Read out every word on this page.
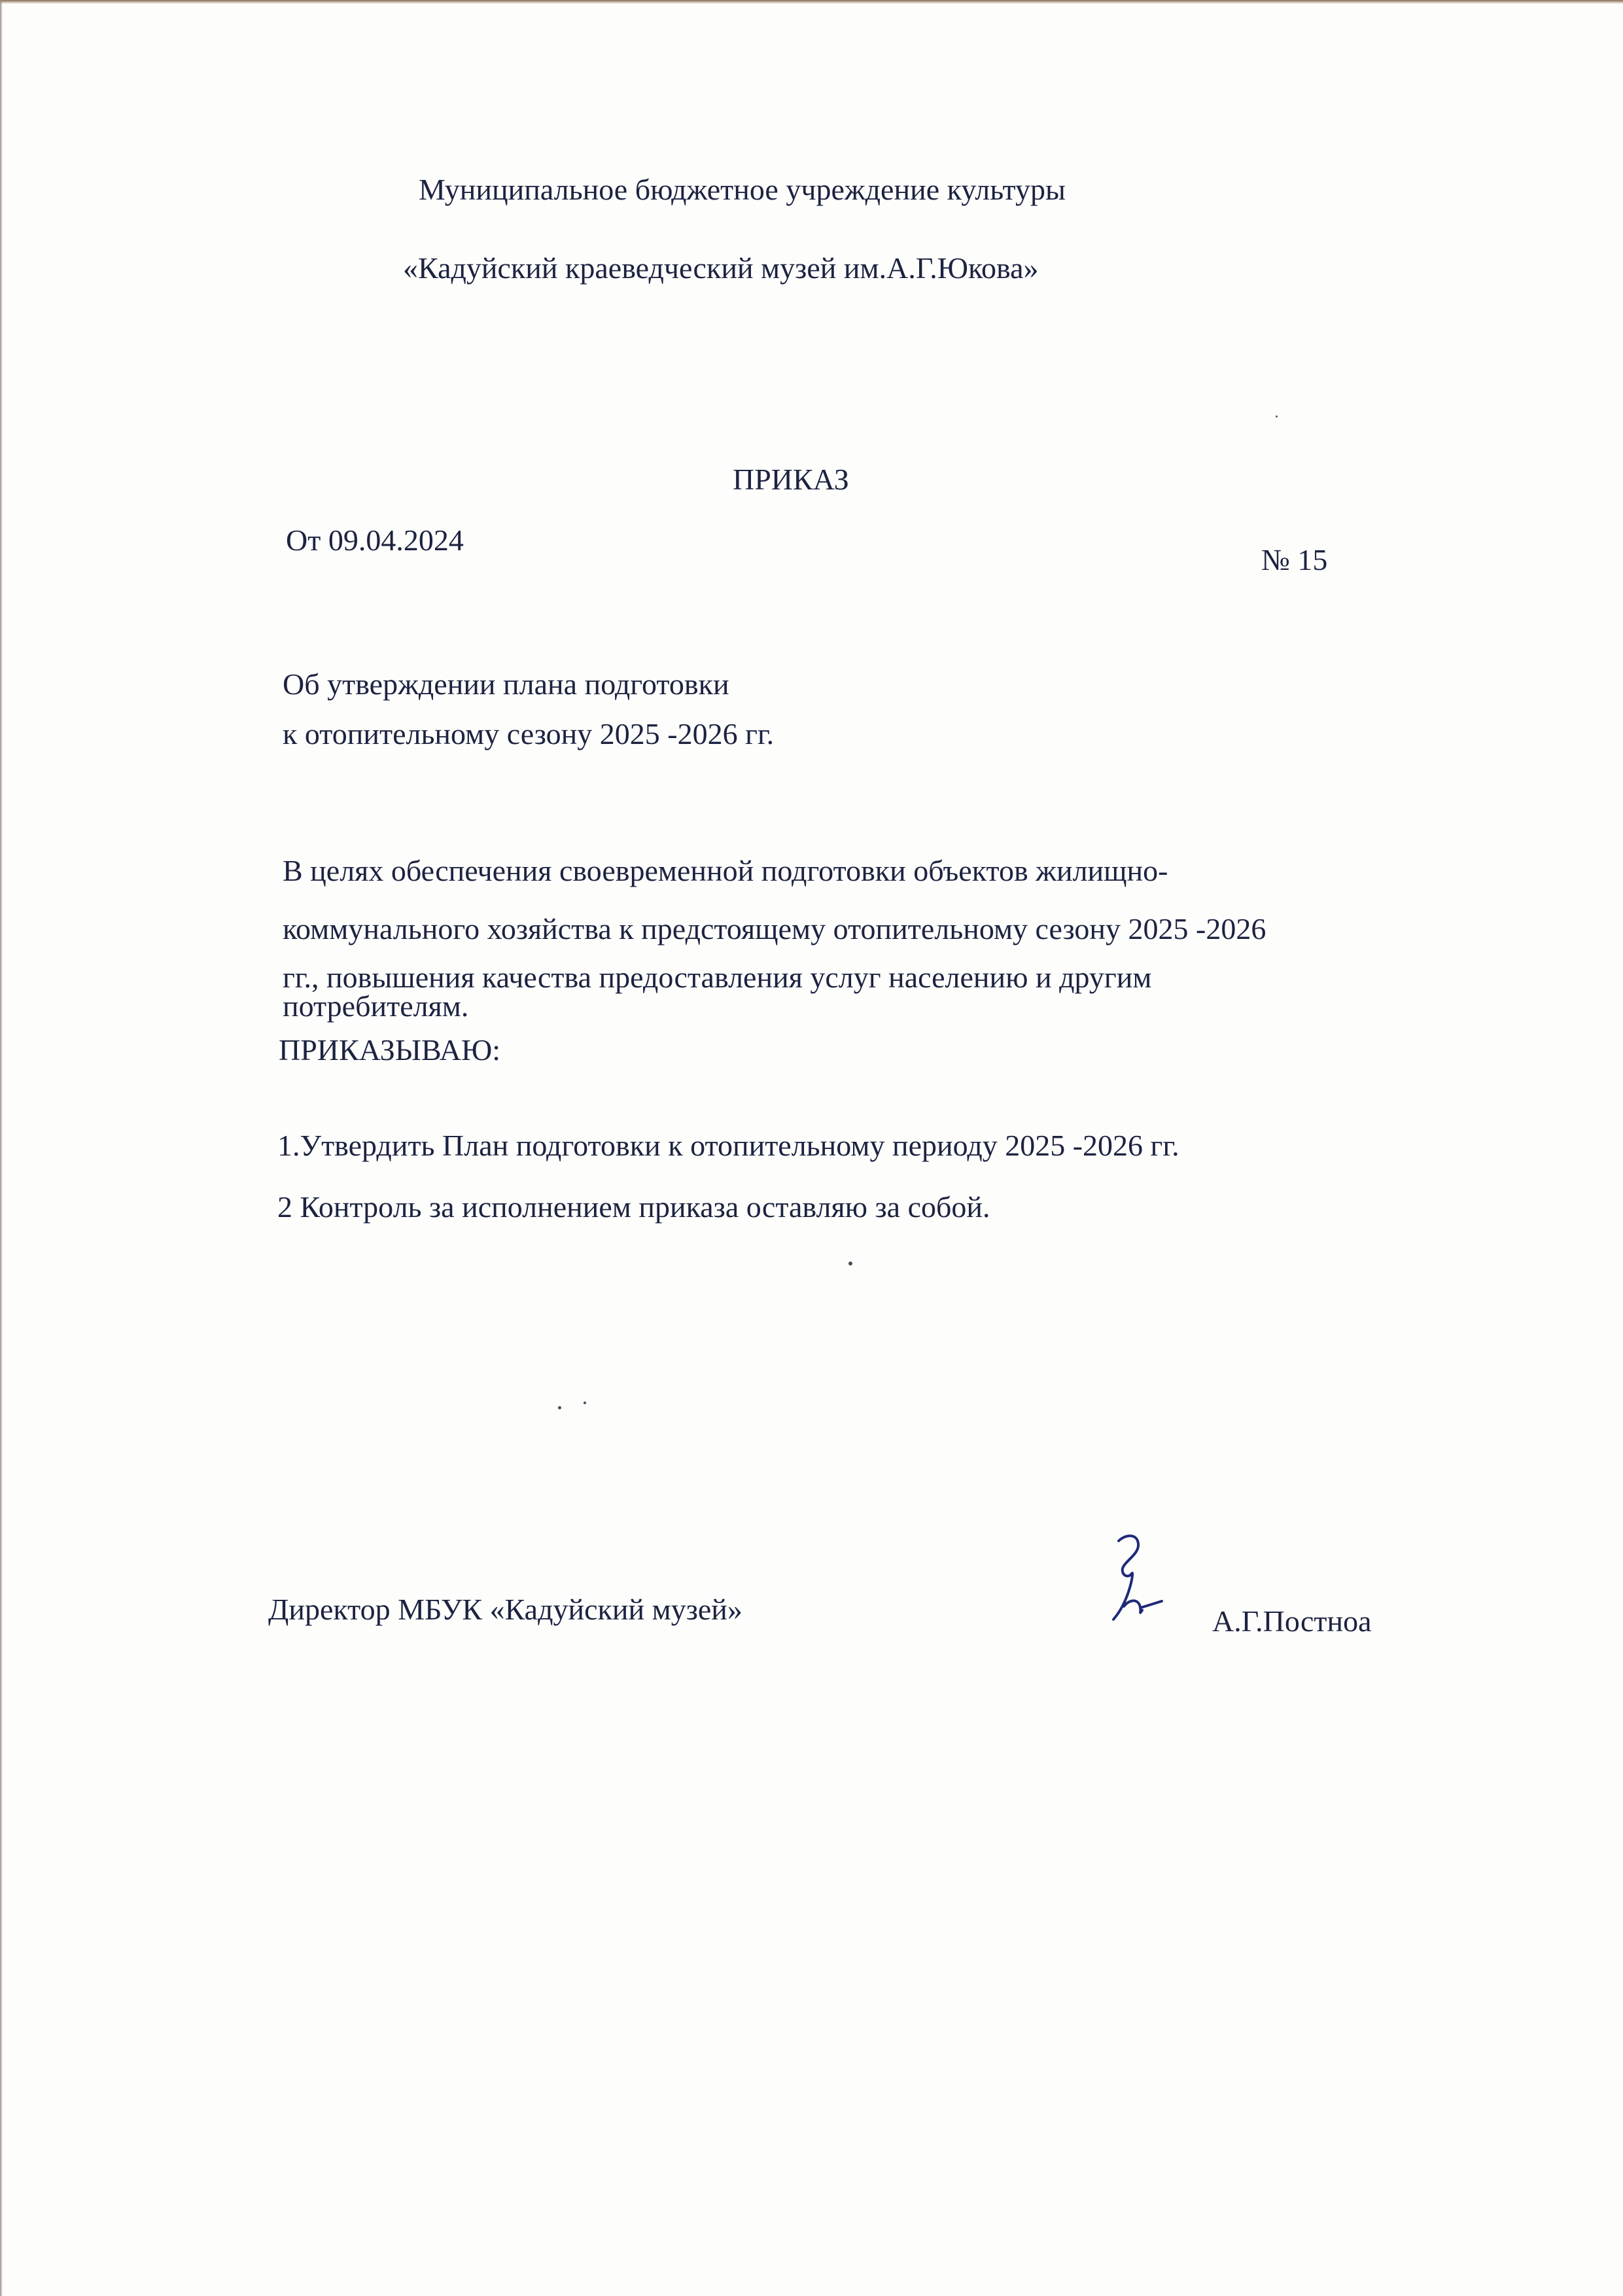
Муниципальное бюджетное учреждение культуры

«Кадуйский краеведческий музей им.А.Г.Юкова»

ПРИКАЗ

От 09.04.2024

№ 15

Об утверждении плана подготовки

к отопительному сезону 2025 -2026 гг.

В целях обеспечения своевременной подготовки объектов жилищно-

коммунального хозяйства к предстоящему отопительному сезону 2025 -2026

гг., повышения качества предоставления услуг населению и другим

потребителям.

ПРИКАЗЫВАЮ:

1.Утвердить План подготовки к отопительному периоду 2025 -2026 гг.

2 Контроль за исполнением приказа оставляю за собой.

Директор МБУК «Кадуйский музей»	А.Г.Постноа
